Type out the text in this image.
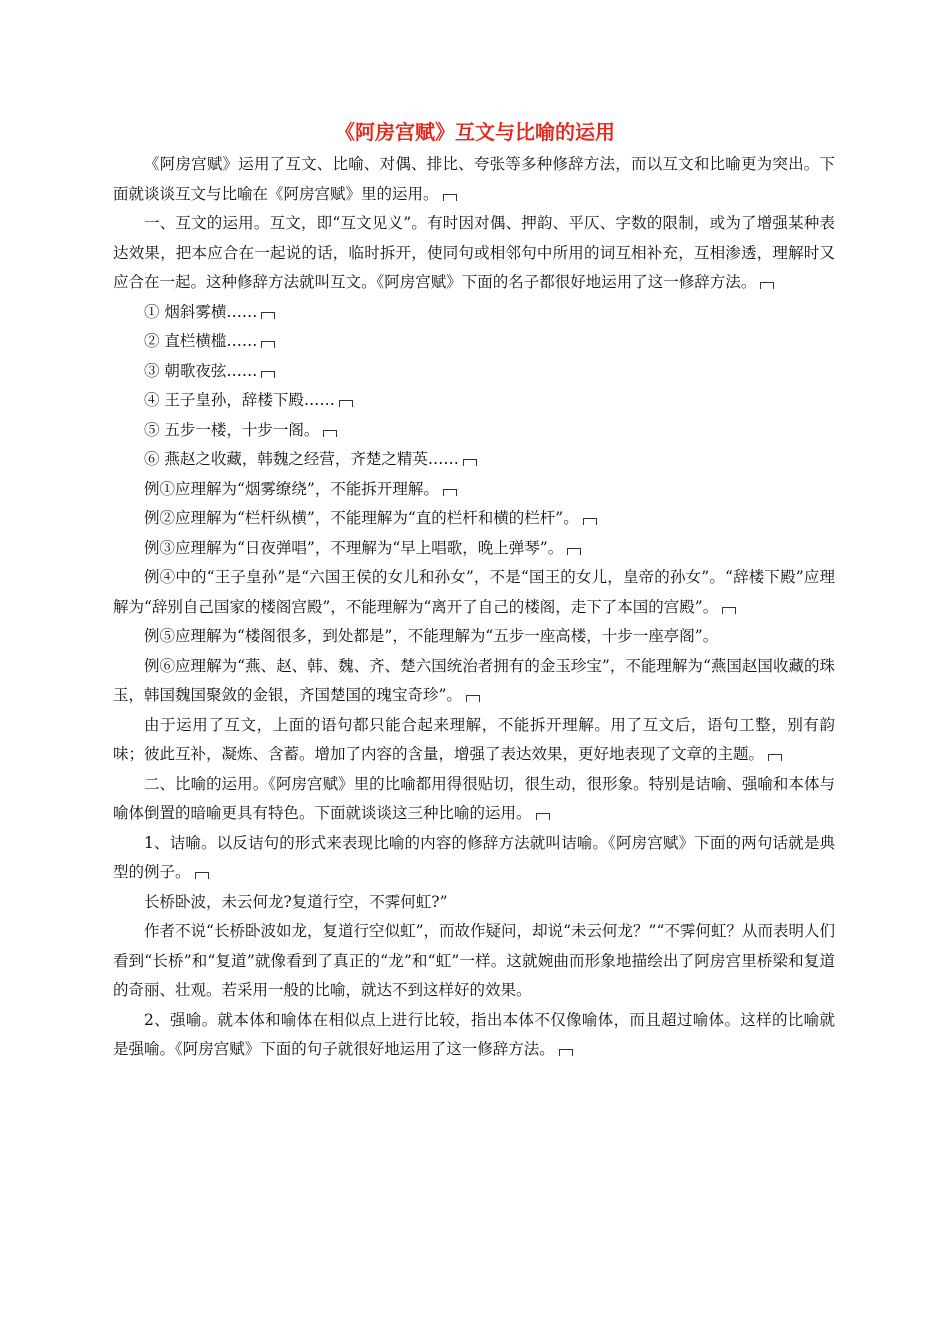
《阿房宫赋》互文与比喻的运用

《阿房宫赋》运用了互文、比喻、对偶、排比、夸张等多种修辞方法，而以互文和比喻更为突出。下面就谈谈互文与比喻在《阿房宫赋》里的运用。

一、互文的运用。互文，即“互文见义”。有时因对偶、押韵、平仄、字数的限制，或为了增强某种表达效果，把本应合在一起说的话，临时拆开，使同句或相邻句中所用的词互相补充，互相渗透，理解时又应合在一起。这种修辞方法就叫互文。《阿房宫赋》下面的名子都很好地运用了这一修辞方法。

① 烟斜雾横……

② 直栏横槛……

③ 朝歌夜弦……

④ 王子皇孙，辞楼下殿……

⑤ 五步一楼，十步一阁。

⑥ 燕赵之收藏，韩魏之经营，齐楚之精英……

例①应理解为“烟雾缭绕”，不能拆开理解。

例②应理解为“栏杆纵横”，不能理解为“直的栏杆和横的栏杆”。

例③应理解为“日夜弹唱”，不理解为“早上唱歌，晚上弹琴”。

例④中的“王子皇孙”是“六国王侯的女儿和孙女”，不是“国王的女儿，皇帝的孙女”。“辞楼下殿”应理解为“辞别自己国家的楼阁宫殿”，不能理解为“离开了自己的楼阁，走下了本国的宫殿”。

例⑤应理解为“楼阁很多，到处都是”，不能理解为“五步一座高楼，十步一座亭阁”。

例⑥应理解为“燕、赵、韩、魏、齐、楚六国统治者拥有的金玉珍宝”，不能理解为“燕国赵国收藏的珠玉，韩国魏国聚敛的金银，齐国楚国的瑰宝奇珍”。

由于运用了互文，上面的语句都只能合起来理解，不能拆开理解。用了互文后，语句工整，别有韵味；彼此互补，凝炼、含蓄。增加了内容的含量，增强了表达效果，更好地表现了文章的主题。

二、比喻的运用。《阿房宫赋》里的比喻都用得很贴切，很生动，很形象。特别是诘喻、强喻和本体与喻体倒置的暗喻更具有特色。下面就谈谈这三种比喻的运用。

1、诘喻。以反诘句的形式来表现比喻的内容的修辞方法就叫诘喻。《阿房宫赋》下面的两句话就是典型的例子。

长桥卧波，未云何龙?复道行空，不霁何虹?”

作者不说“长桥卧波如龙，复道行空似虹”，而故作疑问，却说“未云何龙？”“不霁何虹？从而表明人们看到“长桥”和“复道”就像看到了真正的“龙”和“虹”一样。这就婉曲而形象地描绘出了阿房宫里桥梁和复道的奇丽、壮观。若采用一般的比喻，就达不到这样好的效果。

2、强喻。就本体和喻体在相似点上进行比较，指出本体不仅像喻体，而且超过喻体。这样的比喻就是强喻。《阿房宫赋》下面的句子就很好地运用了这一修辞方法。
